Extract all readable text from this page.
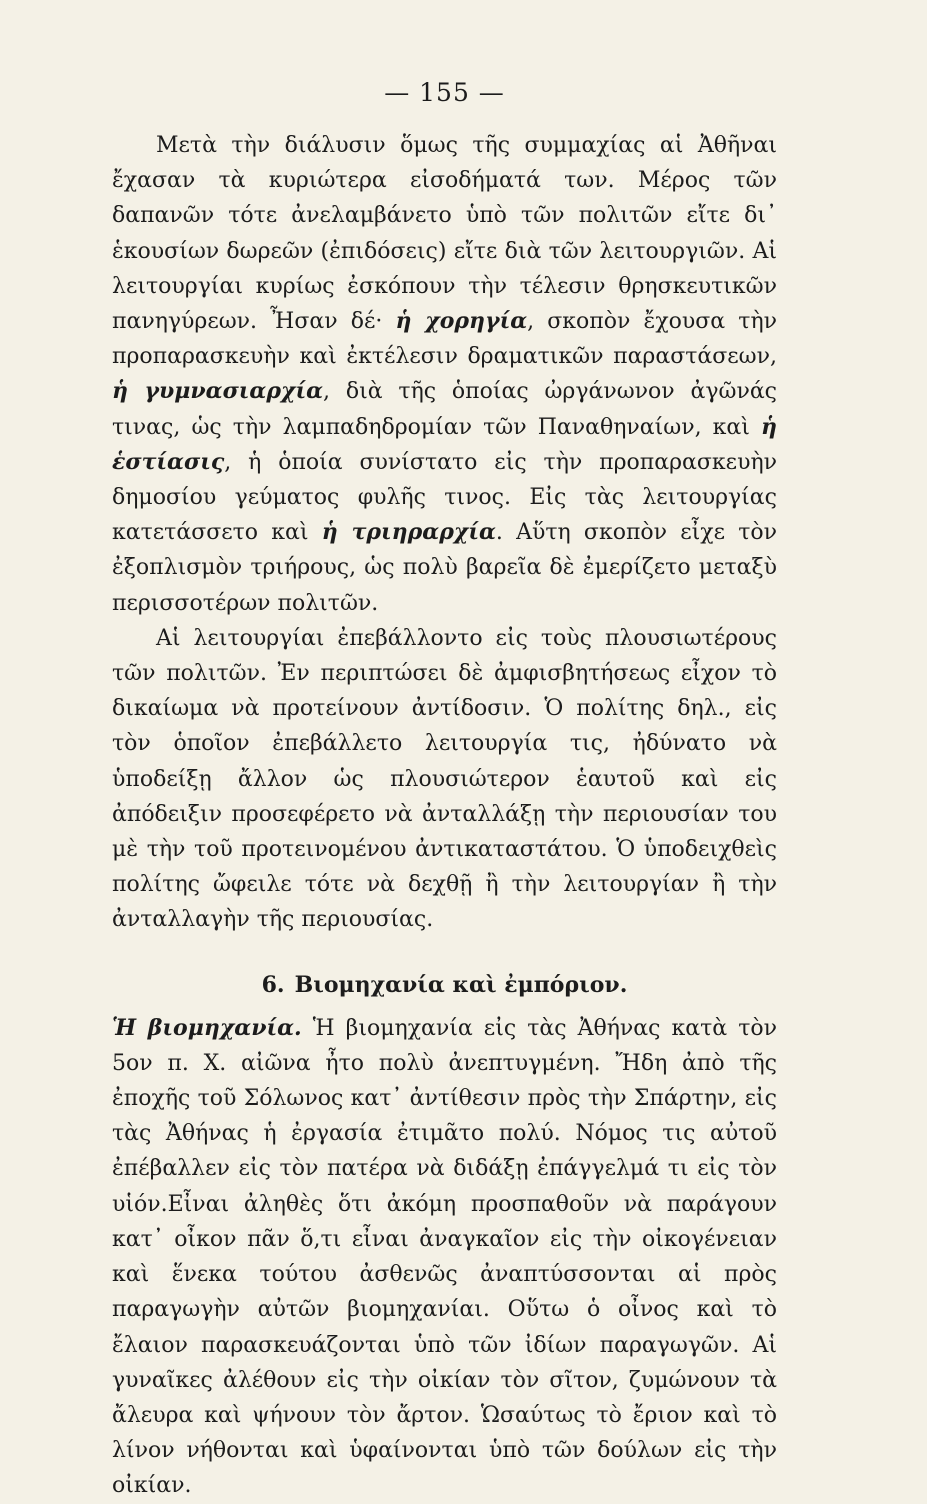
— 155 —

Μετὰ τὴν διάλυσιν ὅμως τῆς συμμαχίας αἱ Ἀθῆναι ἔχασαν τὰ κυριώτερα εἰσοδήματά των. Μέρος τῶν δαπανῶν τότε ἀνελαμβάνετο ὑπὸ τῶν πολιτῶν εἴτε δι᾽ ἑκουσίων δωρεῶν (ἐπιδόσεις) εἴτε διὰ τῶν λειτουργιῶν. Αἱ λειτουργίαι κυρίως ἐσκόπουν τὴν τέλεσιν θρησκευτικῶν πανηγύρεων. Ἦσαν δέ· ἡ χορηγία, σκοπὸν ἔχουσα τὴν προπαρασκευὴν καὶ ἐκτέλεσιν δραματικῶν παραστάσεων, ἡ γυμνασιαρχία, διὰ τῆς ὁποίας ὠργάνωνον ἀγῶνάς τινας, ὡς τὴν λαμπαδηδρομίαν τῶν Παναθηναίων, καὶ ἡ ἑστίασις, ἡ ὁποία συνίστατο εἰς τὴν προπαρασκευὴν δημοσίου γεύματος φυλῆς τινος. Εἰς τὰς λειτουργίας κατετάσσετο καὶ ἡ τριηραρχία. Αὕτη σκοπὸν εἶχε τὸν ἐξοπλισμὸν τριήρους, ὡς πολὺ βαρεῖα δὲ ἐμερίζετο μεταξὺ περισσοτέρων πολιτῶν.

Αἱ λειτουργίαι ἐπεβάλλοντο εἰς τοὺς πλουσιωτέρους τῶν πολιτῶν. Ἐν περιπτώσει δὲ ἀμφισβητήσεως εἶχον τὸ δικαίωμα νὰ προτείνουν ἀντίδοσιν. Ὁ πολίτης δηλ., εἰς τὸν ὁποῖον ἐπεβάλλετο λειτουργία τις, ἠδύνατο νὰ ὑποδείξῃ ἄλλον ὡς πλουσιώτερον ἑαυτοῦ καὶ εἰς ἀπόδειξιν προσεφέρετο νὰ ἀνταλλάξῃ τὴν περιουσίαν του μὲ τὴν τοῦ προτεινομένου ἀντικαταστάτου. Ὁ ὑποδειχθεὶς πολίτης ὤφειλε τότε νὰ δεχθῇ ἢ τὴν λειτουργίαν ἢ τὴν ἀνταλλαγὴν τῆς περιουσίας.

6. Βιομηχανία καὶ ἐμπόριον.

Ἡ βιομηχανία. Ἡ βιομηχανία εἰς τὰς Ἀθήνας κατὰ τὸν 5ον π. Χ. αἰῶνα ἦτο πολὺ ἀνεπτυγμένη. Ἤδη ἀπὸ τῆς ἐποχῆς τοῦ Σόλωνος κατ᾽ ἀντίθεσιν πρὸς τὴν Σπάρτην, εἰς τὰς Ἀθήνας ἡ ἐργασία ἐτιμᾶτο πολύ. Νόμος τις αὐτοῦ ἐπέβαλλεν εἰς τὸν πατέρα νὰ διδάξῃ ἐπάγγελμά τι εἰς τὸν υἱόν.Εἶναι ἀληθὲς ὅτι ἀκόμη προσπαθοῦν νὰ παράγουν κατ᾽ οἶκον πᾶν ὅ,τι εἶναι ἀναγκαῖον εἰς τὴν οἰκογένειαν καὶ ἕνεκα τούτου ἀσθενῶς ἀναπτύσσονται αἱ πρὸς παραγωγὴν αὐτῶν βιομηχανίαι. Οὕτω ὁ οἶνος καὶ τὸ ἔλαιον παρασκευάζονται ὑπὸ τῶν ἰδίων παραγωγῶν. Αἱ γυναῖκες ἀλέθουν εἰς τὴν οἰκίαν τὸν σῖτον, ζυμώνουν τὰ ἄλευρα καὶ ψήνουν τὸν ἄρτον. Ὡσαύτως τὸ ἔριον καὶ τὸ λίνον νήθονται καὶ ὑφαίνονται ὑπὸ τῶν δούλων εἰς τὴν οἰκίαν.
